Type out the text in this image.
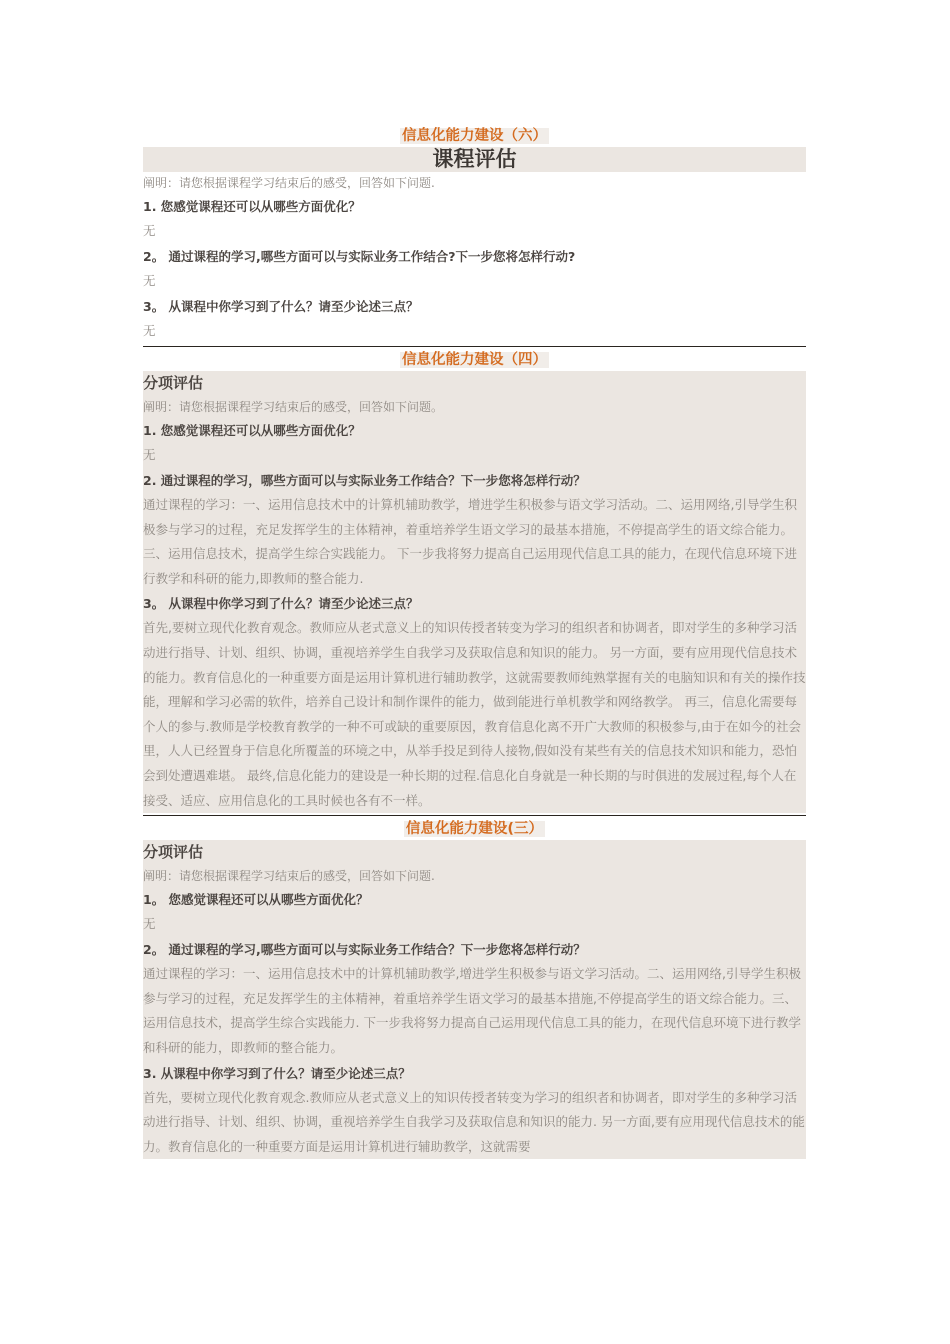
信息化能力建设（六）
课程评估
阐明：请您根据课程学习结束后的感受，回答如下问题.
1. 您感觉课程还可以从哪些方面优化？
无
2。 通过课程的学习,哪些方面可以与实际业务工作结合?下一步您将怎样行动?
无
3。 从课程中你学习到了什么？请至少论述三点？
无
信息化能力建设（四）
分项评估
阐明：请您根据课程学习结束后的感受，回答如下问题。
1. 您感觉课程还可以从哪些方面优化？
无
2. 通过课程的学习，哪些方面可以与实际业务工作结合？下一步您将怎样行动？
通过课程的学习：一、运用信息技术中的计算机辅助教学，增进学生积极参与语文学习活动。二、运用网络,引导学生积极参与学习的过程，充足发挥学生的主体精神，着重培养学生语文学习的最基本措施，不停提高学生的语文综合能力。三、运用信息技术，提高学生综合实践能力。 下一步我将努力提高自己运用现代信息工具的能力，在现代信息环境下进行教学和科研的能力,即教师的整合能力.
3。 从课程中你学习到了什么？请至少论述三点？
首先,要树立现代化教育观念。教师应从老式意义上的知识传授者转变为学习的组织者和协调者，即对学生的多种学习活动进行指导、计划、组织、协调，重视培养学生自我学习及获取信息和知识的能力。 另一方面，要有应用现代信息技术的能力。教育信息化的一种重要方面是运用计算机进行辅助教学，这就需要教师纯熟掌握有关的电脑知识和有关的操作技能，理解和学习必需的软件，培养自己设计和制作课件的能力，做到能进行单机教学和网络教学。 再三，信息化需要每个人的参与.教师是学校教育教学的一种不可或缺的重要原因，教育信息化离不开广大教师的积极参与,由于在如今的社会里，人人已经置身于信息化所覆盖的环境之中，从举手投足到待人接物,假如没有某些有关的信息技术知识和能力，恐怕会到处遭遇难堪。 最终,信息化能力的建设是一种长期的过程.信息化自身就是一种长期的与时俱进的发展过程,每个人在接受、适应、应用信息化的工具时候也各有不一样。
信息化能力建设(三）
分项评估
阐明：请您根据课程学习结束后的感受，回答如下问题.
1。 您感觉课程还可以从哪些方面优化？
无
2。 通过课程的学习,哪些方面可以与实际业务工作结合？下一步您将怎样行动？
通过课程的学习：一、运用信息技术中的计算机辅助教学,增进学生积极参与语文学习活动。二、运用网络,引导学生积极参与学习的过程，充足发挥学生的主体精神，着重培养学生语文学习的最基本措施,不停提高学生的语文综合能力。三、运用信息技术，提高学生综合实践能力. 下一步我将努力提高自己运用现代信息工具的能力，在现代信息环境下进行教学和科研的能力，即教师的整合能力。
3. 从课程中你学习到了什么？请至少论述三点？
首先，要树立现代化教育观念.教师应从老式意义上的知识传授者转变为学习的组织者和协调者，即对学生的多种学习活动进行指导、计划、组织、协调，重视培养学生自我学习及获取信息和知识的能力. 另一方面,要有应用现代信息技术的能力。教育信息化的一种重要方面是运用计算机进行辅助教学，这就需要
